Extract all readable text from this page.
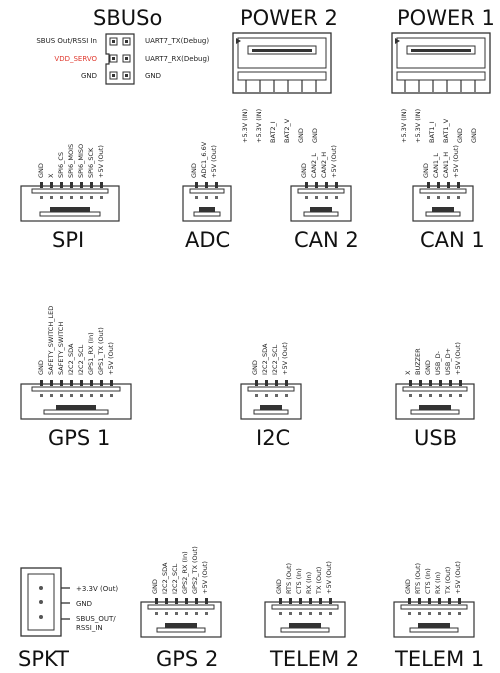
SBUSo
SBUS Out/RSSI In
VDD_SERVO
GND
UART7_TX(Debug)
UART7_RX(Debug)
GND
POWER 2
+5.3V (IN) +5.3V (IN) BAT2_I BAT2_V GND GND
POWER 1
+5.3V (IN) +5.3V (IN) BAT1_I BAT1_V GND GND
GND X SPI6_CS SPI6_MOIS SPI6_MISO SPI6_SCK +5V (Out)
SPI
GND ADC1_6.6V +5V (Out)
ADC
GND CAN2_L CAN2_H +5V (Out)
CAN 2
GND CAN1_L CAN1_H +5V (Out)
CAN 1
GND SAFETY_SWITCH_LED SAFETY_SWITCH I2C2_SDA I2C2_SCL GPS1_RX (In) GPS1_TX (Out) +5V (Out)
GPS 1
GND I2C2_SDA I2C2_SCL +5V (Out)
I2C
X BUZZER GND USB_D- USB_D+ +5V (Out)
USB
+3.3V (Out)
GND
SBUS_OUT/
RSSI_IN
SPKT
GND I2C2_SDA I2C2_SCL GPS2_RX (In) GPS2_TX (Out) +5V (Out)
GPS 2
GND RTS (Out) CTS (In) RX (In) TX (Out) +5V (Out)
TELEM 2
GND RTS (Out) CTS (In) RX (In) TX (Out) +5V (Out)
TELEM 1
